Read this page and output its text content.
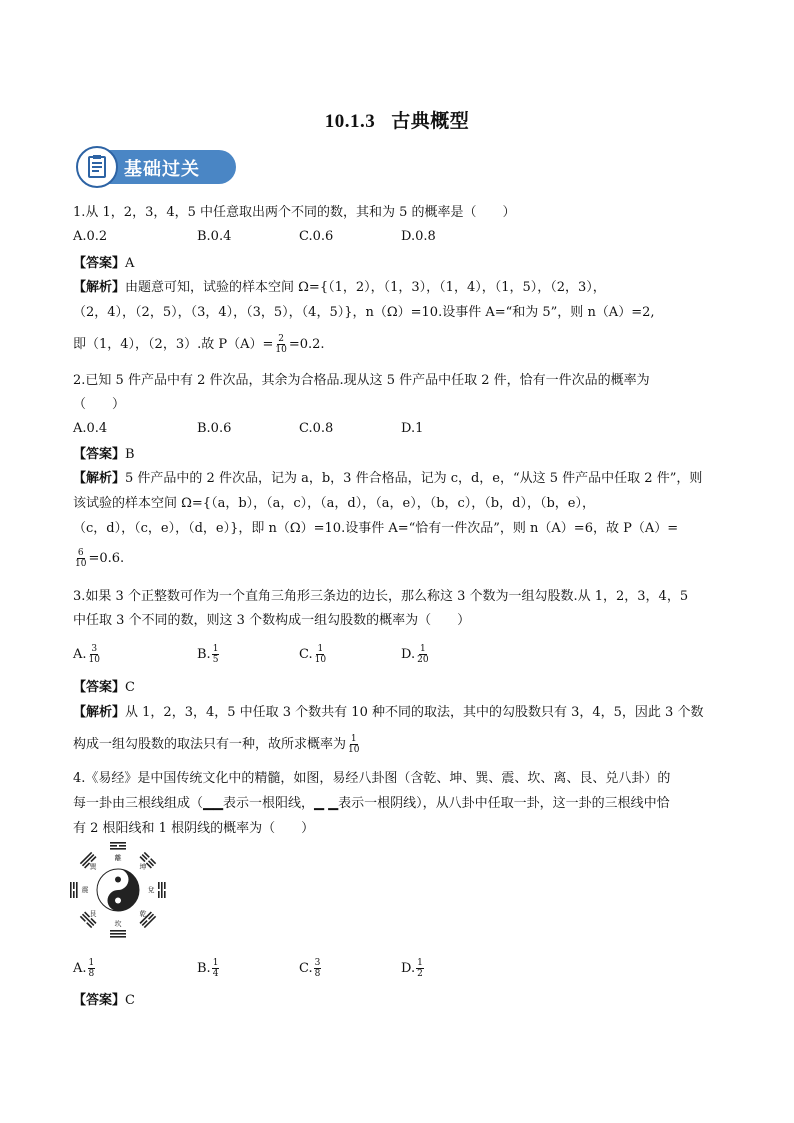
10.1.3 古典概型
基础过关
1.从 1，2，3，4，5 中任意取出两个不同的数，其和为 5 的概率是（　　）
A.0.2	B.0.4	C.0.6	D.0.8
【答案】A
【解析】由题意可知，试验的样本空间 Ω={（1，2），（1，3），（1，4），（1，5），（2，3），
（2，4），（2，5），（3，4），（3，5），（4，5）}，n（Ω）=10.设事件 A=“和为 5”，则 n（A）=2,
即（1，4），（2，3）.故 $P(A)= \frac{2}{10} =0.2$.
2.已知 5 件产品中有 2 件次品，其余为合格品.现从这 5 件产品中任取 2 件，恰有一件次品的概率为
（　　）
A.0.4	B.0.6	C.0.8	D.1
【答案】B
【解析】5 件产品中的 2 件次品，记为 a，b，3 件合格品，记为 c，d，e，“从这 5 件产品中任取 2 件”，则
该试验的样本空间 Ω={（a，b），（a，c），（a，d），（a，e），（b，c），（b，d），（b，e），
（c，d），（c，e），（d，e）}，即 n（Ω）=10.设事件 A=“恰有一件次品”，则 n（A）=6，故 P（A）=
$\frac{6}{10} =0.6$.
3.如果 3 个正整数可作为一个直角三角形三条边的边长，那么称这 3 个数为一组勾股数.从 1，2，3，4，5
中任取 3 个不同的数，则这 3 个数构成一组勾股数的概率为（　　）
A. $\frac{3}{10}$	B. $\frac{1}{5}$	C. $\frac{1}{10}$	D. $\frac{1}{20}$
【答案】C
【解析】从 1，2，3，4，5 中任取 3 个数共有 10 种不同的取法，其中的勾股数只有 3，4，5，因此 3 个数
构成一组勾股数的取法只有一种，故所求概率为 $\frac{1}{10}$
4.《易经》是中国传统文化中的精髓，如图，易经八卦图（含乾、坤、巽、震、坎、离、艮、兑八卦）的
每一卦由三根线组成（▁▁表示一根阳线，▁ ▁表示一根阴线），从八卦中任取一卦，这一卦的三根线中恰
有 2 根阳线和 1 根阴线的概率为（　　）
離
坤
兌
乾
坎
艮
震
巽
A. $\frac{1}{8}$	B. $\frac{1}{4}$	C. $\frac{3}{8}$	D. $\frac{1}{2}$
【答案】C
